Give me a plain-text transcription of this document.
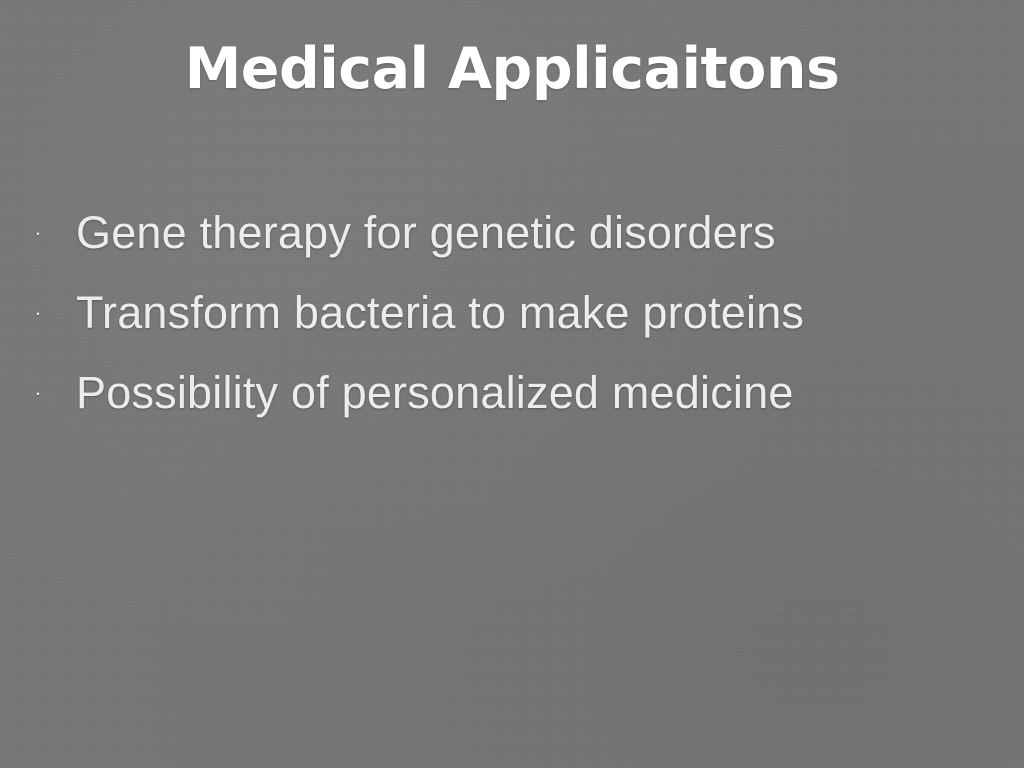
Medical Applicaitons
· Gene therapy for genetic disorders
· Transform bacteria to make proteins
· Possibility of personalized medicine
